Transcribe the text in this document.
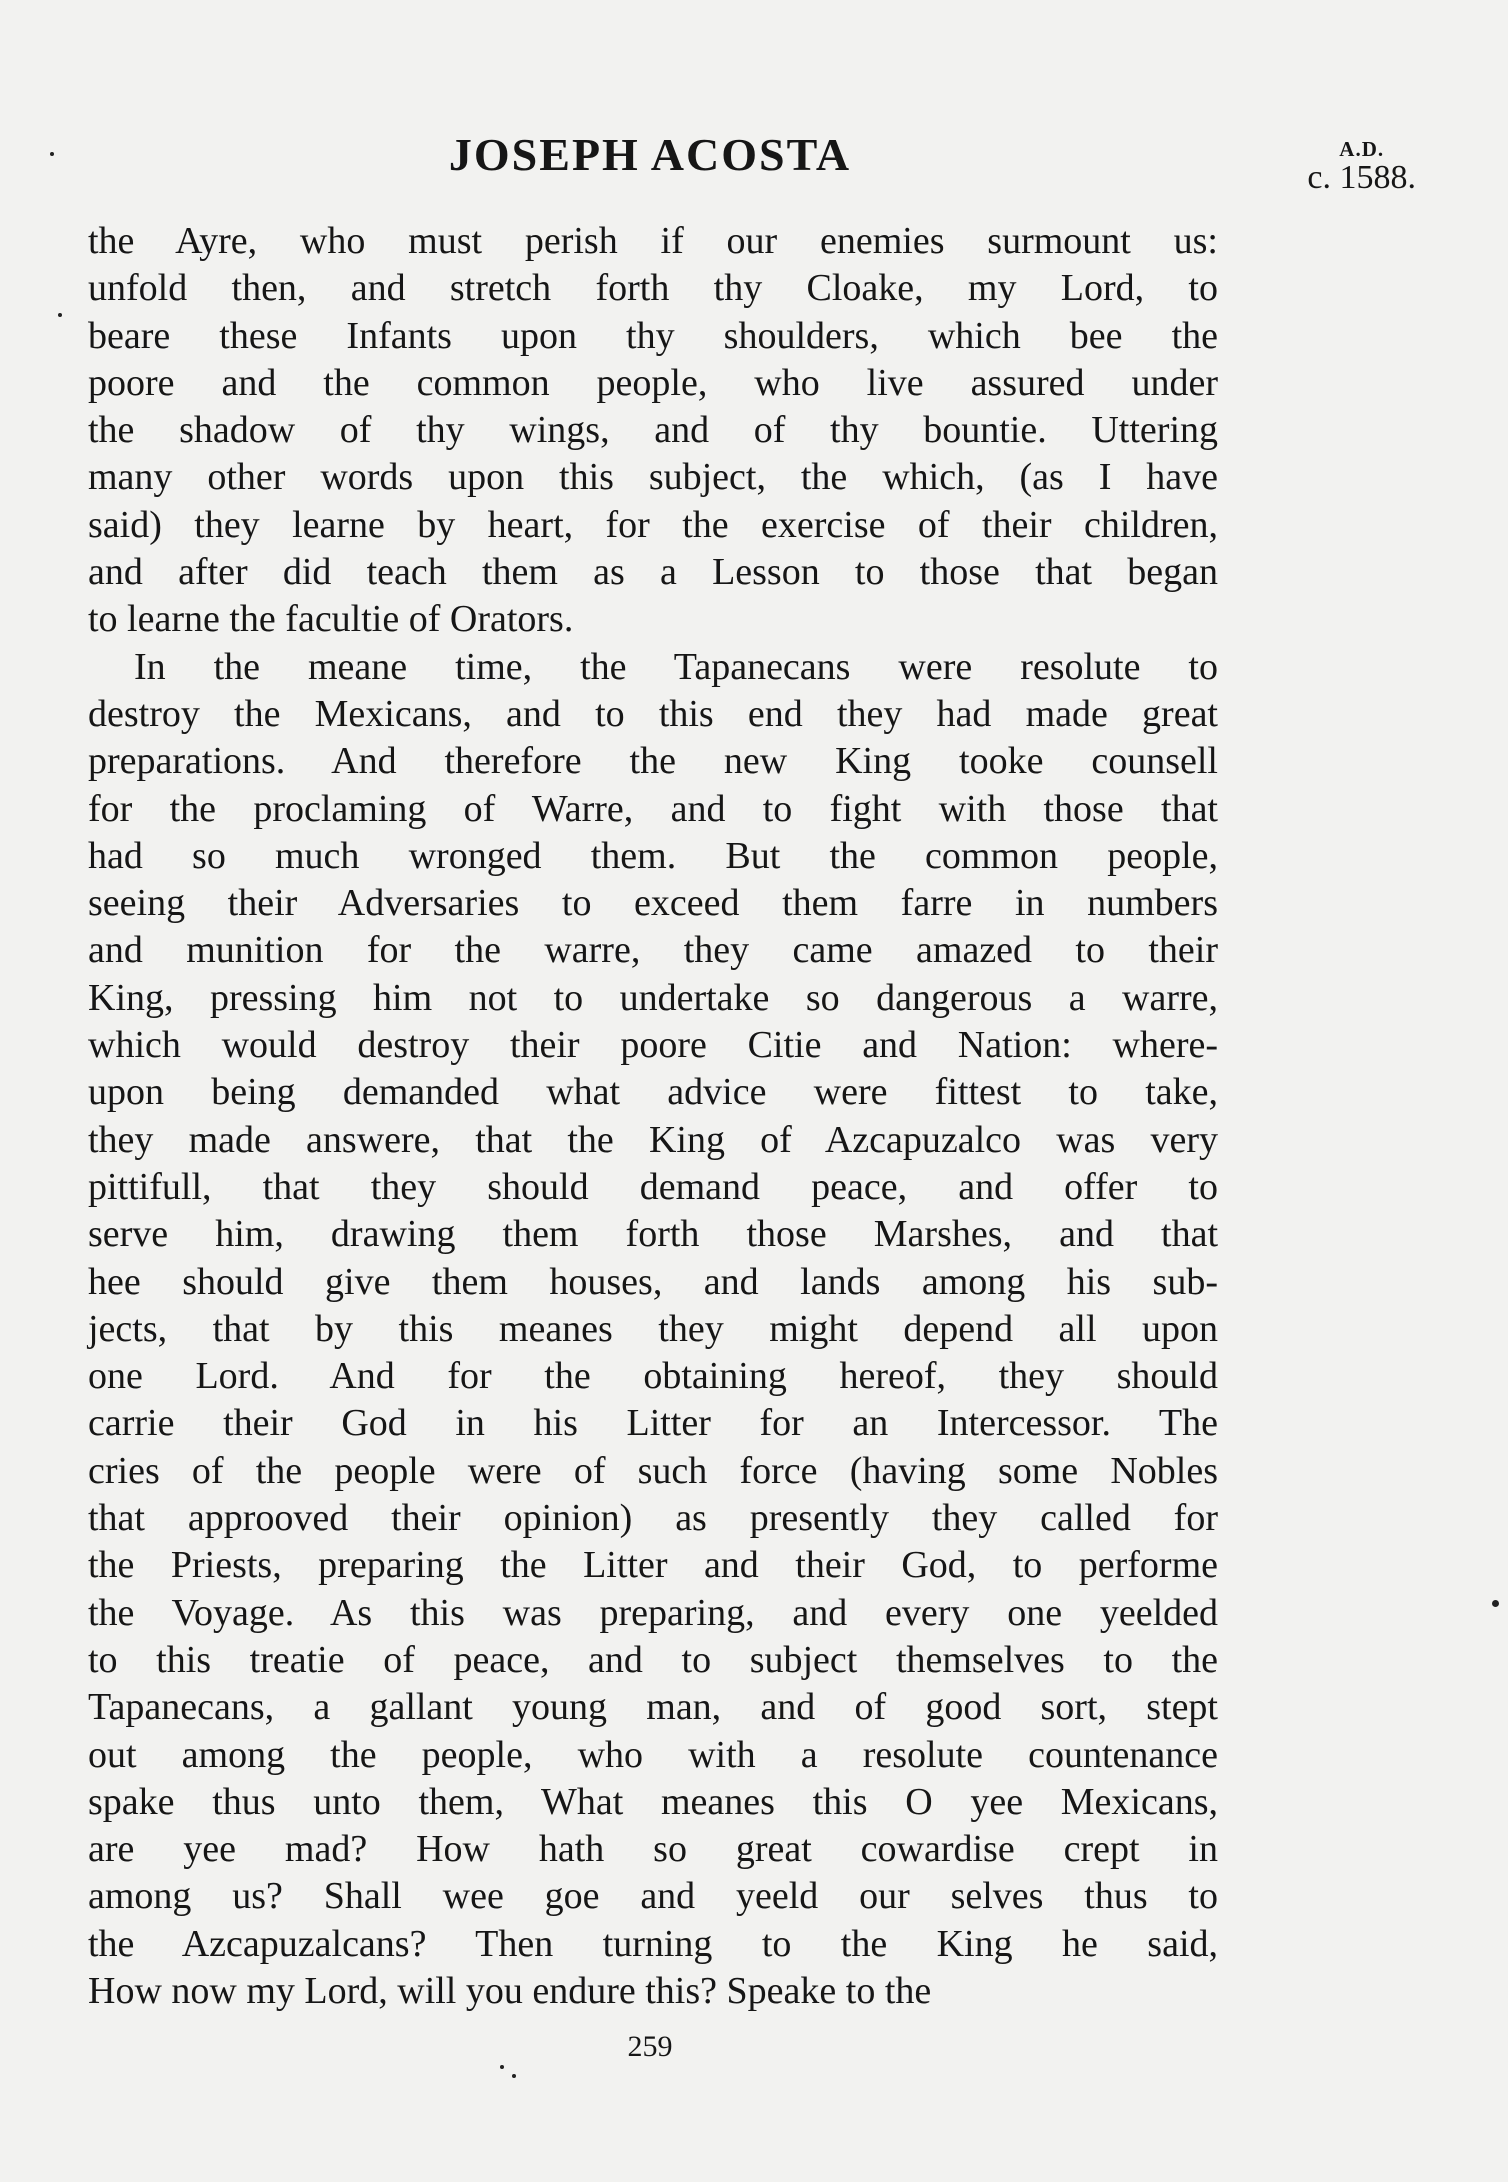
JOSEPH ACOSTA	A.D.
c. 1588.
the Ayre, who must perish if our enemies surmount us:
unfold then, and stretch forth thy Cloake, my Lord, to
beare these Infants upon thy shoulders, which bee the
poore and the common people, who live assured under
the shadow of thy wings, and of thy bountie. Uttering
many other words upon this subject, the which, (as I have
said) they learne by heart, for the exercise of their children,
and after did teach them as a Lesson to those that began
to learne the facultie of Orators.
In the meane time, the Tapanecans were resolute to
destroy the Mexicans, and to this end they had made great
preparations. And therefore the new King tooke counsell
for the proclaming of Warre, and to fight with those that
had so much wronged them. But the common people,
seeing their Adversaries to exceed them farre in numbers
and munition for the warre, they came amazed to their
King, pressing him not to undertake so dangerous a warre,
which would destroy their poore Citie and Nation: where-
upon being demanded what advice were fittest to take,
they made answere, that the King of Azcapuzalco was very
pittifull, that they should demand peace, and offer to
serve him, drawing them forth those Marshes, and that
hee should give them houses, and lands among his sub-
jects, that by this meanes they might depend all upon
one Lord. And for the obtaining hereof, they should
carrie their God in his Litter for an Intercessor. The
cries of the people were of such force (having some Nobles
that approoved their opinion) as presently they called for
the Priests, preparing the Litter and their God, to performe
the Voyage. As this was preparing, and every one yeelded
to this treatie of peace, and to subject themselves to the
Tapanecans, a gallant young man, and of good sort, stept
out among the people, who with a resolute countenance
spake thus unto them, What meanes this O yee Mexicans,
are yee mad? How hath so great cowardise crept in
among us? Shall wee goe and yeeld our selves thus to
the Azcapuzalcans? Then turning to the King he said,
How now my Lord, will you endure this? Speake to the
259
